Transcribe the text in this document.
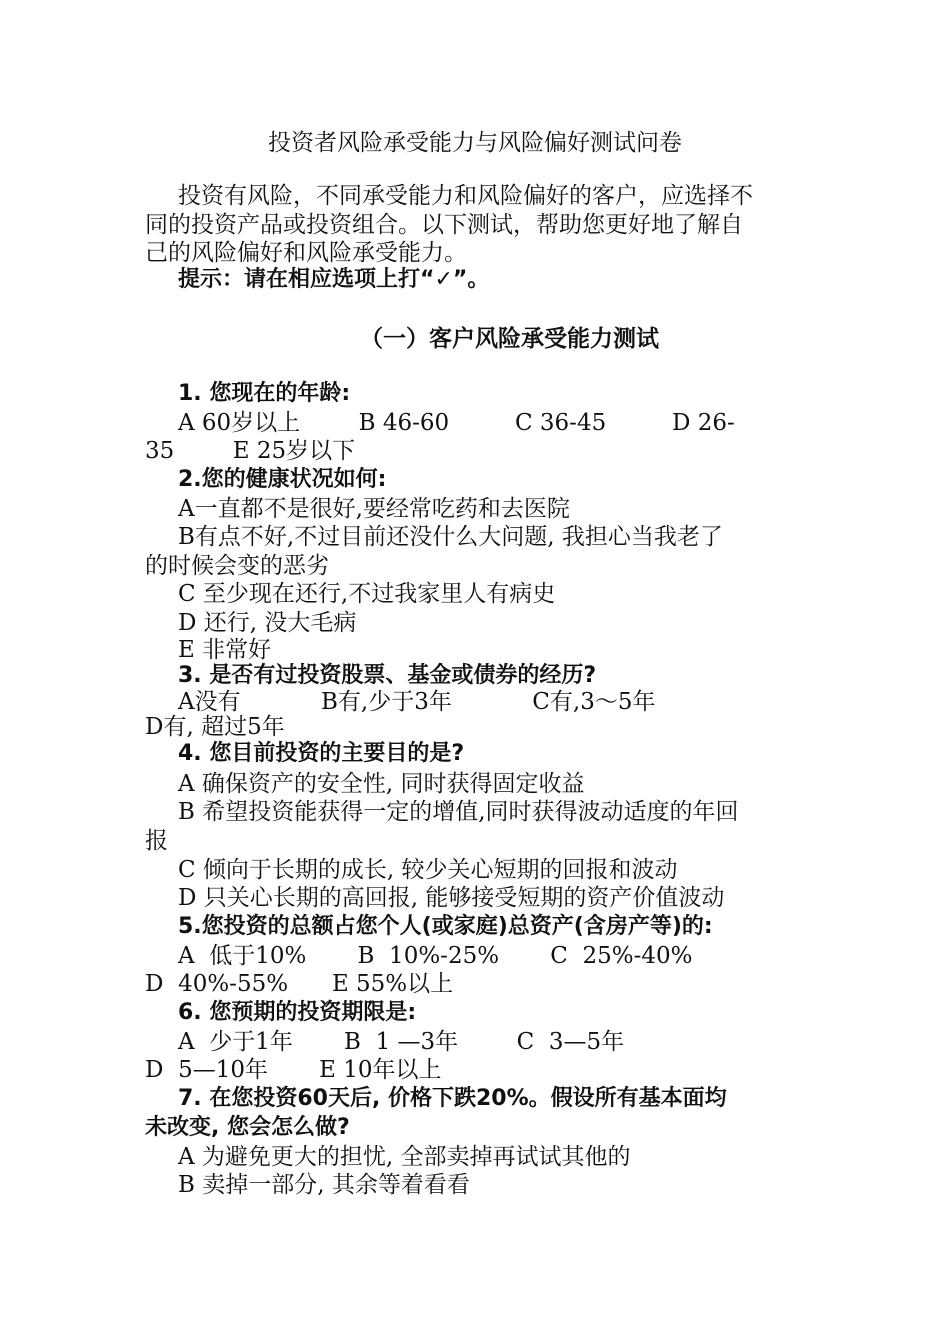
投资者风险承受能力与风险偏好测试问卷

投资有风险，不同承受能力和风险偏好的客户，应选择不

同的投资产品或投资组合。以下测试，帮助您更好地了解自

己的风险偏好和风险承受能力。

提示：请在相应选项上打“✓”。

（一）客户风险承受能力测试

1. 您现在的年龄:

A 60岁以上        B 46-60         C 36-45         D 26-

35        E 25岁以下

2.您的健康状况如何:

A一直都不是很好,要经常吃药和去医院

B有点不好,不过目前还没什么大问题, 我担心当我老了

的时候会变的恶劣

C 至少现在还行,不过我家里人有病史

D 还行, 没大毛病

E 非常好

3. 是否有过投资股票、基金或债券的经历?

A没有           B有,少于3年           C有,3～5年

D有, 超过5年

4. 您目前投资的主要目的是?

A 确保资产的安全性, 同时获得固定收益

B 希望投资能获得一定的增值,同时获得波动适度的年回

报

C 倾向于长期的成长, 较少关心短期的回报和波动

D 只关心长期的高回报, 能够接受短期的资产价值波动

5.您投资的总额占您个人(或家庭)总资产(含房产等)的:

A  低于10%       B  10%-25%       C  25%-40%

D  40%-55%      E 55%以上

6. 您预期的投资期限是:

A  少于1年       B  1 —3年        C  3—5年

D  5—10年       E 10年以上

7. 在您投资60天后, 价格下跌20%。假设所有基本面均

未改变, 您会怎么做?

A 为避免更大的担忧, 全部卖掉再试试其他的

B 卖掉一部分, 其余等着看看
